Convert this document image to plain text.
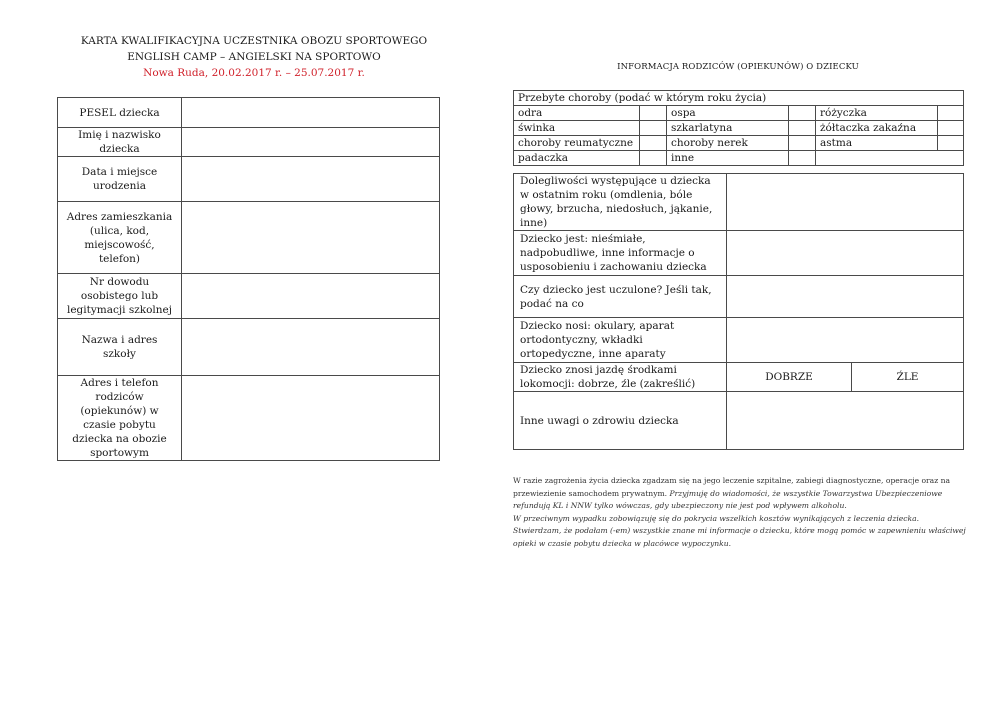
KARTA KWALIFIKACYJNA UCZESTNIKA OBOZU SPORTOWEGO
ENGLISH CAMP – ANGIELSKI NA SPORTOWO
Nowa Ruda, 20.02.2017 r. – 25.07.2017 r.
PESEL dziecka	
Imię i nazwisko dziecka	
Data i miejsce urodzenia	
Adres zamieszkania (ulica, kod, miejscowość, telefon)	
Nr dowodu osobistego lub legitymacji szkolnej	
Nazwa i adres szkoły	
Adres i telefon rodziców (opiekunów) w czasie pobytu dziecka na obozie sportowym	
INFORMACJA RODZICÓW (OPIEKUNÓW) O DZIECKU
Przebyte choroby (podać w którym roku życia)					
odra		ospa		różyczka	
świnka		szkarlatyna		żółtaczka zakaźna	
choroby reumatyczne		choroby nerek		astma	
padaczka		inne			
Dolegliwości występujące u dziecka w ostatnim roku (omdlenia, bóle głowy, brzucha, niedosłuch, jąkanie, inne)		
Dziecko jest: nieśmiałe, nadpobudliwe, inne informacje o usposobieniu i zachowaniu dziecka		
Czy dziecko jest uczulone? Jeśli tak, podać na co		
Dziecko nosi: okulary, aparat ortodontyczny, wkładki ortopedyczne, inne aparaty		
Dziecko znosi jazdę środkami lokomocji: dobrze, źle (zakreślić)	DOBRZE	ŹLE
Inne uwagi o zdrowiu dziecka		
W razie zagrożenia życia dziecka zgadzam się na jego leczenie szpitalne, zabiegi diagnostyczne, operacje oraz na przewiezienie samochodem prywatnym. Przyjmuję do wiadomości, że wszystkie Towarzystwa Ubezpieczeniowe refundują KL i NNW tylko wówczas, gdy ubezpieczony nie jest pod wpływem alkoholu.
W przeciwnym wypadku zobowiązuję się do pokrycia wszelkich kosztów wynikających z leczenia dziecka.
Stwierdzam, że podałam (-em) wszystkie znane mi informacje o dziecku, które mogą pomóc w zapewnieniu właściwej opieki w czasie pobytu dziecka w placówce wypoczynku.
